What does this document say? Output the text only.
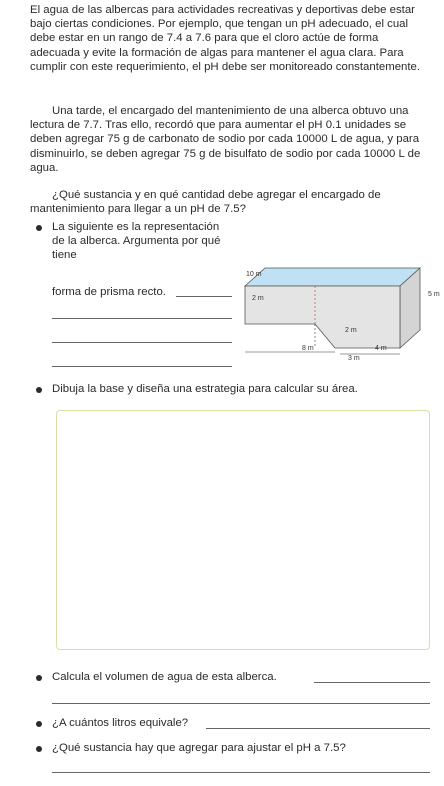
El agua de las albercas para actividades recreativas y deportivas debe estar bajo ciertas condiciones. Por ejemplo, que tengan un pH adecuado, el cual debe estar en un rango de 7.4 a 7.6 para que el cloro actúe de forma adecuada y evite la formación de algas para mantener el agua clara. Para cumplir con este requerimiento, el pH debe ser monitoreado constantemente.

Una tarde, el encargado del mantenimiento de una alberca obtuvo una lectura de 7.7. Tras ello, recordó que para aumentar el pH 0.1 unidades se deben agregar 75 g de carbonato de sodio por cada 10000 L de agua, y para disminuirlo, se deben agregar 75 g de bisulfato de sodio por cada 10000 L de agua.

¿Qué sustancia y en qué cantidad debe agregar el encargado de mantenimiento para llegar a un pH de 7.5?

La siguiente es la representación de la alberca. Argumenta por qué tiene

forma de prisma recto.

10 m
5 m
2 m
2 m
8 m
3 m
4 m

Dibuja la base y diseña una estrategia para calcular su área.

Calcula el volumen de agua de esta alberca.

¿A cuántos litros equivale?

¿Qué sustancia hay que agregar para ajustar el pH a 7.5?
